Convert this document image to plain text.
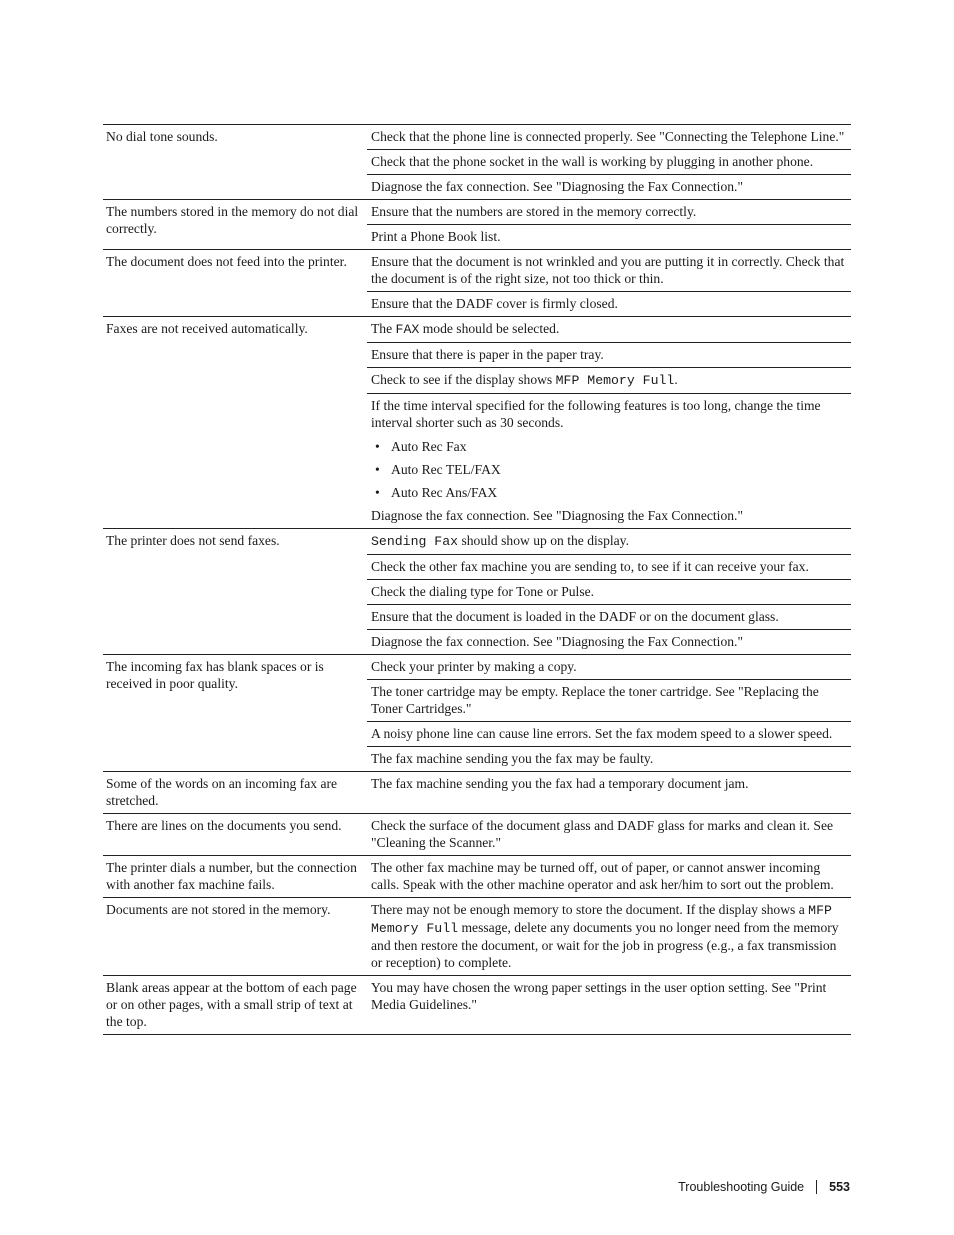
No dial tone sounds.	Check that the phone line is connected properly. See "Connecting the Telephone Line."
	Check that the phone socket in the wall is working by plugging in another phone.
	Diagnose the fax connection. See "Diagnosing the Fax Connection."
The numbers stored in the memory do not dial correctly.	Ensure that the numbers are stored in the memory correctly.
	Print a Phone Book list.
The document does not feed into the printer.	Ensure that the document is not wrinkled and you are putting it in correctly. Check that the document is of the right size, not too thick or thin.
	Ensure that the DADF cover is firmly closed.
Faxes are not received automatically.	The FAX mode should be selected.
	Ensure that there is paper in the paper tray.
	Check to see if the display shows MFP Memory Full.
	If the time interval specified for the following features is too long, change the time interval shorter such as 30 seconds.
	• Auto Rec Fax
	• Auto Rec TEL/FAX
	• Auto Rec Ans/FAX
	Diagnose the fax connection. See "Diagnosing the Fax Connection."
The printer does not send faxes.	Sending Fax should show up on the display.
	Check the other fax machine you are sending to, to see if it can receive your fax.
	Check the dialing type for Tone or Pulse.
	Ensure that the document is loaded in the DADF or on the document glass.
	Diagnose the fax connection. See "Diagnosing the Fax Connection."
The incoming fax has blank spaces or is received in poor quality.	Check your printer by making a copy.
	The toner cartridge may be empty. Replace the toner cartridge. See "Replacing the Toner Cartridges."
	A noisy phone line can cause line errors. Set the fax modem speed to a slower speed.
	The fax machine sending you the fax may be faulty.
Some of the words on an incoming fax are stretched.	The fax machine sending you the fax had a temporary document jam.
There are lines on the documents you send.	Check the surface of the document glass and DADF glass for marks and clean it. See "Cleaning the Scanner."
The printer dials a number, but the connection with another fax machine fails.	The other fax machine may be turned off, out of paper, or cannot answer incoming calls. Speak with the other machine operator and ask her/him to sort out the problem.
Documents are not stored in the memory.	There may not be enough memory to store the document. If the display shows a MFP Memory Full message, delete any documents you no longer need from the memory and then restore the document, or wait for the job in progress (e.g., a fax transmission or reception) to complete.
Blank areas appear at the bottom of each page or on other pages, with a small strip of text at the top.	You may have chosen the wrong paper settings in the user option setting. See "Print Media Guidelines."
Troubleshooting Guide 553
